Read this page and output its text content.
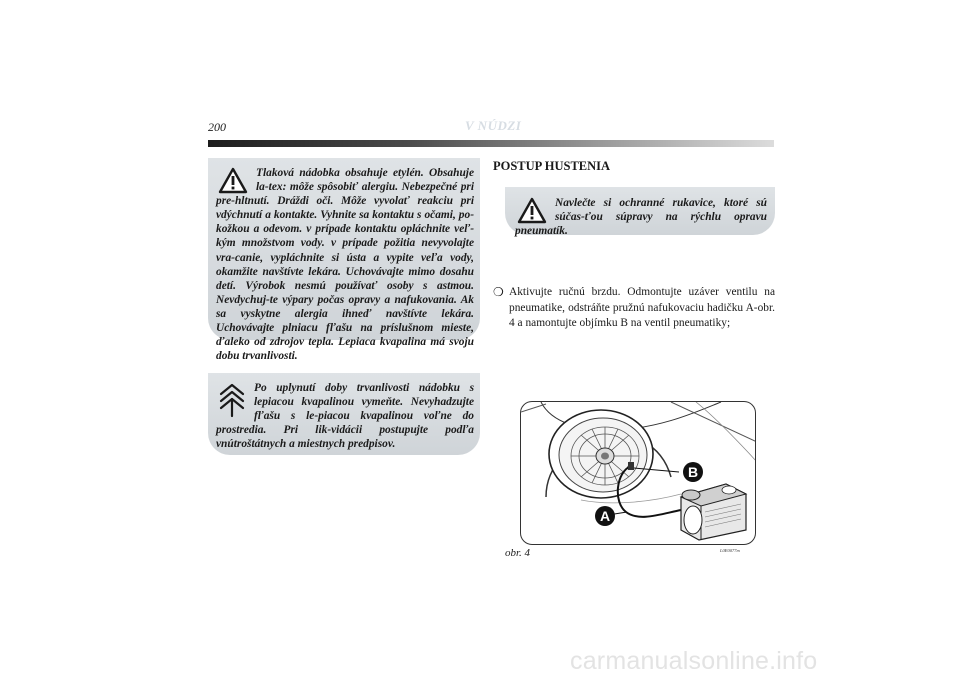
200	V NÚDZI

Tlaková nádobka obsahuje etylén. Obsahuje la-tex: môže spôsobiť alergiu. Nebezpečné pri pre-hltnutí. Dráždi oči. Môže vyvolať reakciu pri vdýchnutí a kontakte. Vyhnite sa kontaktu s očami, po-kožkou a odevom. v prípade kontaktu opláchnite veľ-kým množstvom vody. v prípade požitia nevyvolajte vra-canie, vypláchnite si ústa a vypite veľa vody, okamžite navštívte lekára. Uchovávajte mimo dosahu detí. Výrobok nesmú používať osoby s astmou. Nevdychuj-te výpary počas opravy a nafukovania. Ak sa vyskytne alergia ihneď navštívte lekára. Uchovávajte plniacu fľašu na príslušnom mieste, ďaleko od zdrojov tepla. Lepiaca kvapalina má svoju dobu trvanlivosti.

Po uplynutí doby trvanlivosti nádobku s lepiacou kvapalinou vymeňte. Nevyhadzujte fľašu s le-piacou kvapalinou voľne do prostredia. Pri lik-vidácii postupujte podľa vnútroštátnych a miestnych predpisov.

POSTUP HUSTENIA

Navlečte si ochranné rukavice, ktoré sú súčas-ťou súpravy na rýchlu opravu pneumatík.

❍ Aktivujte ručnú brzdu. Odmontujte uzáver ventilu na pneumatike, odstráňte pružnú nafukovaciu hadičku A-obr. 4 a namontujte objímku B na ventil pneumatiky;
B
A
obr. 4	L0E0077m
carmanualsonline.info
